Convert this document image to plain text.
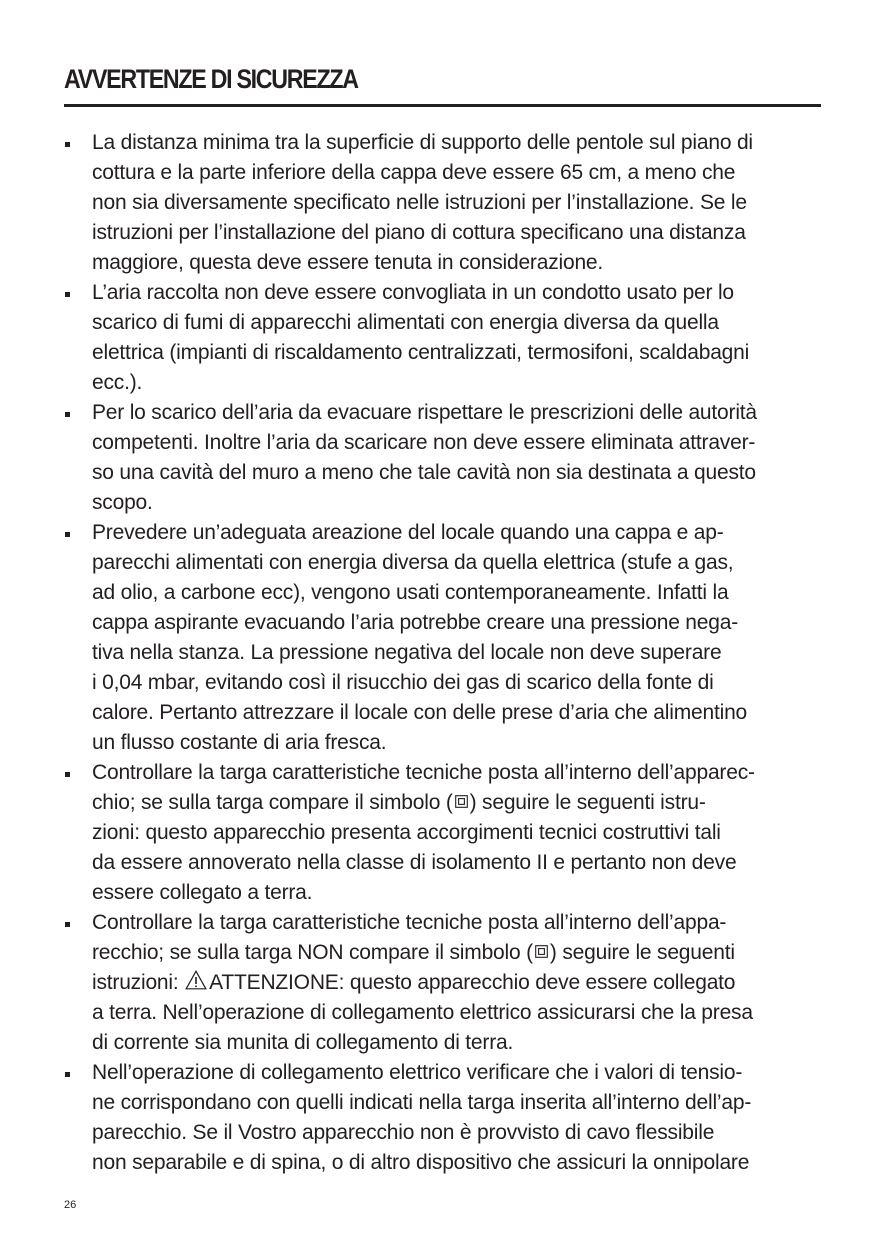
AVVERTENZE DI SICUREZZA
La distanza minima tra la superficie di supporto delle pentole sul piano di
cottura e la parte inferiore della cappa deve essere 65 cm, a meno che
non sia diversamente specificato nelle istruzioni per l’installazione. Se le
istruzioni per l’installazione del piano di cottura specificano una distanza
maggiore, questa deve essere tenuta in considerazione.
L’aria raccolta non deve essere convogliata in un condotto usato per lo
scarico di fumi di apparecchi alimentati con energia diversa da quella
elettrica (impianti di riscaldamento centralizzati, termosifoni, scaldabagni
ecc.).
Per lo scarico dell’aria da evacuare rispettare le prescrizioni delle autorità
competenti. Inoltre l’aria da scaricare non deve essere eliminata attraver-
so una cavità del muro a meno che tale cavità non sia destinata a questo
scopo.
Prevedere un’adeguata areazione del locale quando una cappa e ap-
parecchi alimentati con energia diversa da quella elettrica (stufe a gas,
ad olio, a carbone ecc), vengono usati contemporaneamente. Infatti la
cappa aspirante evacuando l’aria potrebbe creare una pressione nega-
tiva nella stanza. La pressione negativa del locale non deve superare
i 0,04 mbar, evitando così il risucchio dei gas di scarico della fonte di
calore. Pertanto attrezzare il locale con delle prese d’aria che alimentino
un flusso costante di aria fresca.
Controllare la targa caratteristiche tecniche posta all’interno dell’apparec-
chio; se sulla targa compare il simbolo ( ) seguire le seguenti istru-
zioni: questo apparecchio presenta accorgimenti tecnici costruttivi tali
da essere annoverato nella classe di isolamento II e pertanto non deve
essere collegato a terra.
Controllare la targa caratteristiche tecniche posta all’interno dell’appa-
recchio; se sulla targa NON compare il simbolo ( ) seguire le seguenti
istruzioni: ATTENZIONE: questo apparecchio deve essere collegato
a terra. Nell’operazione di collegamento elettrico assicurarsi che la presa
di corrente sia munita di collegamento di terra.
Nell’operazione di collegamento elettrico verificare che i valori di tensio-
ne corrispondano con quelli indicati nella targa inserita all’interno dell’ap-
parecchio. Se il Vostro apparecchio non è provvisto di cavo flessibile
non separabile e di spina, o di altro dispositivo che assicuri la onnipolare
26
